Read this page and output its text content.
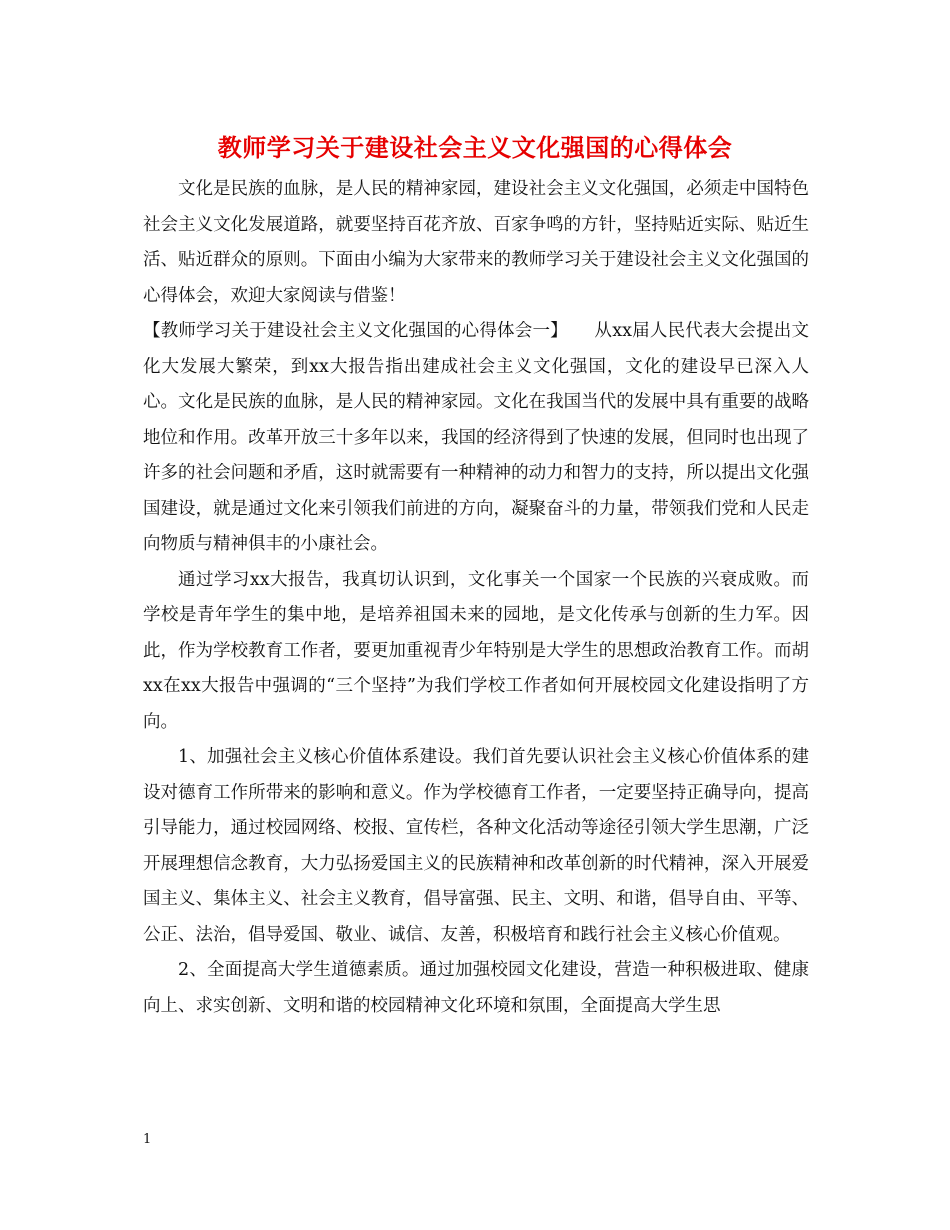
教师学习关于建设社会主义文化强国的心得体会

文化是民族的血脉，是人民的精神家园，建设社会主义文化强国，必须走中国特色社会主义文化发展道路，就要坚持百花齐放、百家争鸣的方针，坚持贴近实际、贴近生活、贴近群众的原则。下面由小编为大家带来的教师学习关于建设社会主义文化强国的心得体会，欢迎大家阅读与借鉴！

【教师学习关于建设社会主义文化强国的心得体会一】　　从xx届人民代表大会提出文化大发展大繁荣，到xx大报告指出建成社会主义文化强国，文化的建设早已深入人心。文化是民族的血脉，是人民的精神家园。文化在我国当代的发展中具有重要的战略地位和作用。改革开放三十多年以来，我国的经济得到了快速的发展，但同时也出现了许多的社会问题和矛盾，这时就需要有一种精神的动力和智力的支持，所以提出文化强国建设，就是通过文化来引领我们前进的方向，凝聚奋斗的力量，带领我们党和人民走向物质与精神俱丰的小康社会。

通过学习xx大报告，我真切认识到，文化事关一个国家一个民族的兴衰成败。而学校是青年学生的集中地，是培养祖国未来的园地，是文化传承与创新的生力军。因此，作为学校教育工作者，要更加重视青少年特别是大学生的思想政治教育工作。而胡xx在xx大报告中强调的“三个坚持”为我们学校工作者如何开展校园文化建设指明了方向。

1、加强社会主义核心价值体系建设。我们首先要认识社会主义核心价值体系的建设对德育工作所带来的影响和意义。作为学校德育工作者，一定要坚持正确导向，提高引导能力，通过校园网络、校报、宣传栏，各种文化活动等途径引领大学生思潮，广泛开展理想信念教育，大力弘扬爱国主义的民族精神和改革创新的时代精神，深入开展爱国主义、集体主义、社会主义教育，倡导富强、民主、文明、和谐，倡导自由、平等、公正、法治，倡导爱国、敬业、诚信、友善，积极培育和践行社会主义核心价值观。

2、全面提高大学生道德素质。通过加强校园文化建设，营造一种积极进取、健康向上、求实创新、文明和谐的校园精神文化环境和氛围，全面提高大学生思

1
